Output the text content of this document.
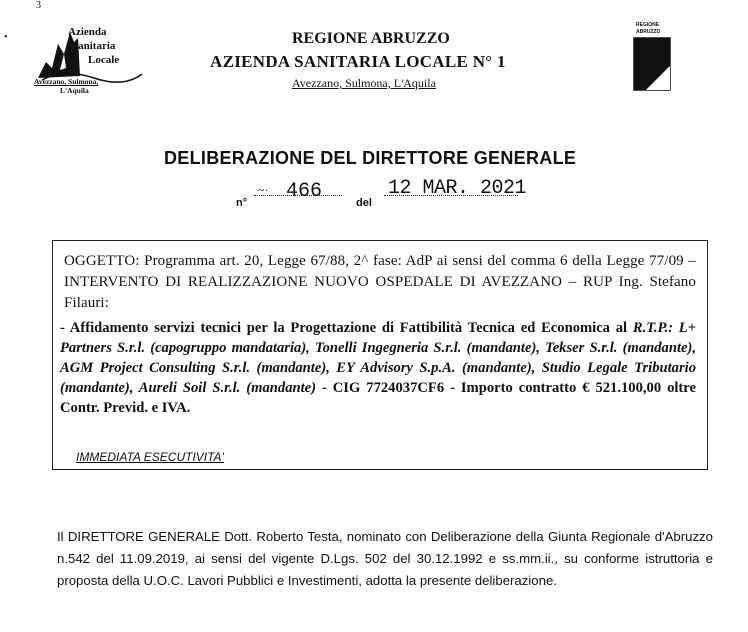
3
•	Azienda
Sanitaria
Locale
Avezzano, Sulmona,
L'Aquila
REGIONE ABRUZZO
AZIENDA SANITARIA LOCALE N° 1
Avezzano, Sulmona, L'Aquila
REGIONE
ABRUZZO
DELIBERAZIONE DEL DIRETTORE GENERALE
n°
~· 466	del
12 MAR. 2021
OGGETTO: Programma art. 20, Legge 67/88, 2^ fase: AdP ai sensi del comma 6 della Legge 77/09 – INTERVENTO DI REALIZZAZIONE NUOVO OSPEDALE DI AVEZZANO – RUP Ing. Stefano Filauri:
- Affidamento servizi tecnici per la Progettazione di Fattibilità Tecnica ed Economica al R.T.P.: L+ Partners S.r.l. (capogruppo mandataria), Tonelli Ingegneria S.r.l. (mandante), Tekser S.r.l. (mandante), AGM Project Consulting S.r.l. (mandante), EY Advisory S.p.A. (mandante), Studio Legale Tributario (mandante), Aureli Soil S.r.l. (mandante) - CIG 7724037CF6 - Importo contratto € 521.100,00 oltre Contr. Previd. e IVA.
IMMEDIATA ESECUTIVITA'
Il DIRETTORE GENERALE Dott. Roberto Testa, nominato con Deliberazione della Giunta Regionale d'Abruzzo n.542 del 11.09.2019, ai sensi del vigente D.Lgs. 502 del 30.12.1992 e ss.mm.ii., su conforme istruttoria e proposta della U.O.C. Lavori Pubblici e Investimenti, adotta la presente deliberazione.
